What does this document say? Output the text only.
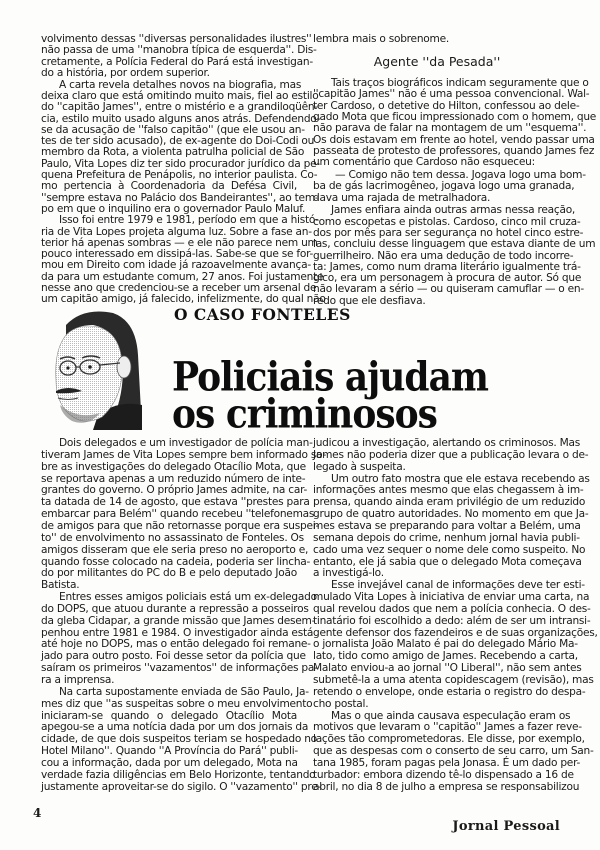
volvimento dessas ''diversas personalidades ilustres''
não passa de uma ''manobra típica de esquerda''. Dis-
cretamente, a Polícia Federal do Pará está investigan-
do a história, por ordem superior.
A carta revela detalhes novos na biografia, mas
deixa claro que está omitindo muito mais, fiel ao estilo
do ''capitão James'', entre o mistério e a grandiloqüên-
cia, estilo muito usado alguns anos atrás. Defendendo-
se da acusação de ''falso capitão'' (que ele usou an-
tes de ter sido acusado), de ex-agente do Doi-Codi ou
membro da Rota, a violenta patrulha policial de São
Paulo, Vita Lopes diz ter sido procurador jurídico da pe-
quena Prefeitura de Penápolis, no interior paulista. Co-
mo pertencia à Coordenadoria da Defésa Civil,
''sempre estava no Palácio dos Bandeirantes'', ao tem-
po em que o inquilino era o governador Paulo Maluf.
Isso foi entre 1979 e 1981, período em que a histó-
ria de Vita Lopes projeta alguma luz. Sobre a fase an-
terior há apenas sombras — e ele não parece nem um
pouco interessado em dissipá-las. Sabe-se que se for-
mou em Direito com idade já razoavelmente avança-
da para um estudante comum, 27 anos. Foi justamente
nesse ano que credenciou-se a receber um arsenal de
um capitão amigo, já falecido, infelizmente, do qual não
Agente ''da Pesada''
lembra mais o sobrenome.
Tais traços biográficos indicam seguramente que o
''capitão James'' não é uma pessoa convencional. Wal-
ter Cardoso, o detetive do Hilton, confessou ao dele-
gado Mota que ficou impressionado com o homem, que
não parava de falar na montagem de um ''esquema''.
Os dois estavam em frente ao hotel, vendo passar uma
passeata de protesto de professores, quando James fez
um comentário que Cardoso não esqueceu:
— Comigo não tem dessa. Jogava logo uma bom-
ba de gás lacrimogêneo, jogava logo uma granada,
dava uma rajada de metralhadora.
James enfiara ainda outras armas nessa reação,
como escopetas e pistolas. Cardoso, cinco mil cruza-
dos por mês para ser segurança no hotel cinco estre-
las, concluiu desse linguagem que estava diante de um
guerrilheiro. Não era uma dedução de todo incorre-
ta: James, como num drama literário igualmente trá-
gico, era um personagem à procura de autor. Só que
não levaram a sério — ou quiseram camuflar — o en-
redo que ele desfiava.
O CASO FONTELES
Policiais ajudam
os criminosos
Dois delegados e um investigador de polícia man-
tiveram James de Vita Lopes sempre bem informado so-
bre as investigações do delegado Otacílio Mota, que
se reportava apenas a um reduzido número de inte-
grantes do governo. O próprio James admite, na car-
ta datada de 14 de agosto, que estava ''prestes para
embarcar para Belém'' quando recebeu ''telefonemas
de amigos para que não retornasse porque era suspei-
to'' de envolvimento no assassinato de Fonteles. Os
amigos disseram que ele seria preso no aeroporto e,
quando fosse colocado na cadeia, poderia ser lincha-
do por militantes do PC do B e pelo deputado João
Batista.
Entres esses amigos policiais está um ex-delegado
do DOPS, que atuou durante a repressão a posseiros
da gleba Cidapar, a grande missão que James desem-
penhou entre 1981 e 1984. O investigador ainda está
até hoje no DOPS, mas o então delegado foi remane-
jado para outro posto. Foi desse setor da polícia que
saíram os primeiros ''vazamentos'' de informações pa-
ra a imprensa.
Na carta supostamente enviada de São Paulo, Ja-
mes diz que ''as suspeitas sobre o meu envolvimento
iniciaram-se quando o delegado Otacílio Mota
apegou-se a uma notícia dada por um dos jornais da
cidade, de que dois suspeitos teriam se hospedado no
Hotel Milano''. Quando ''A Província do Pará'' publi-
cou a informação, dada por um delegado, Mota na
verdade fazia diligências em Belo Horizonte, tentando
justamente aproveitar-se do sigilo. O ''vazamento'' pre-
judicou a investigação, alertando os criminosos. Mas
James não poderia dizer que a publicação levara o de-
legado à suspeita.
Um outro fato mostra que ele estava recebendo as
informações antes mesmo que elas chegassem à im-
prensa, quando ainda eram privilégio de um reduzido
grupo de quatro autoridades. No momento em que Ja-
mes estava se preparando para voltar a Belém, uma
semana depois do crime, nenhum jornal havia publi-
cado uma vez sequer o nome dele como suspeito. No
entanto, ele já sabia que o delegado Mota começava
a investigá-lo.
Esse invejável canal de informações deve ter esti-
mulado Vita Lopes à iniciativa de enviar uma carta, na
qual revelou dados que nem a polícia conhecia. O des-
tinatário foi escolhido a dedo: além de ser um intransi-
gente defensor dos fazendeiros e de suas organizações,
o jornalista João Malato é pai do delegado Mário Ma-
lato, tido como amigo de James. Recebendo a carta,
Malato enviou-a ao jornal ''O Liberal'', não sem antes
submetê-la a uma atenta copidescagem (revisão), mas
retendo o envelope, onde estaria o registro do despa-
cho postal.
Mas o que ainda causava especulação eram os
motivos que levaram o ''capitão'' James a fazer reve-
lações tão comprometedoras. Ele disse, por exemplo,
que as despesas com o conserto de seu carro, um San-
tana 1985, foram pagas pela Jonasa. É um dado per-
turbador: embora dizendo tê-lo dispensado a 16 de
abril, no dia 8 de julho a empresa se responsabilizou
4
Jornal Pessoal
